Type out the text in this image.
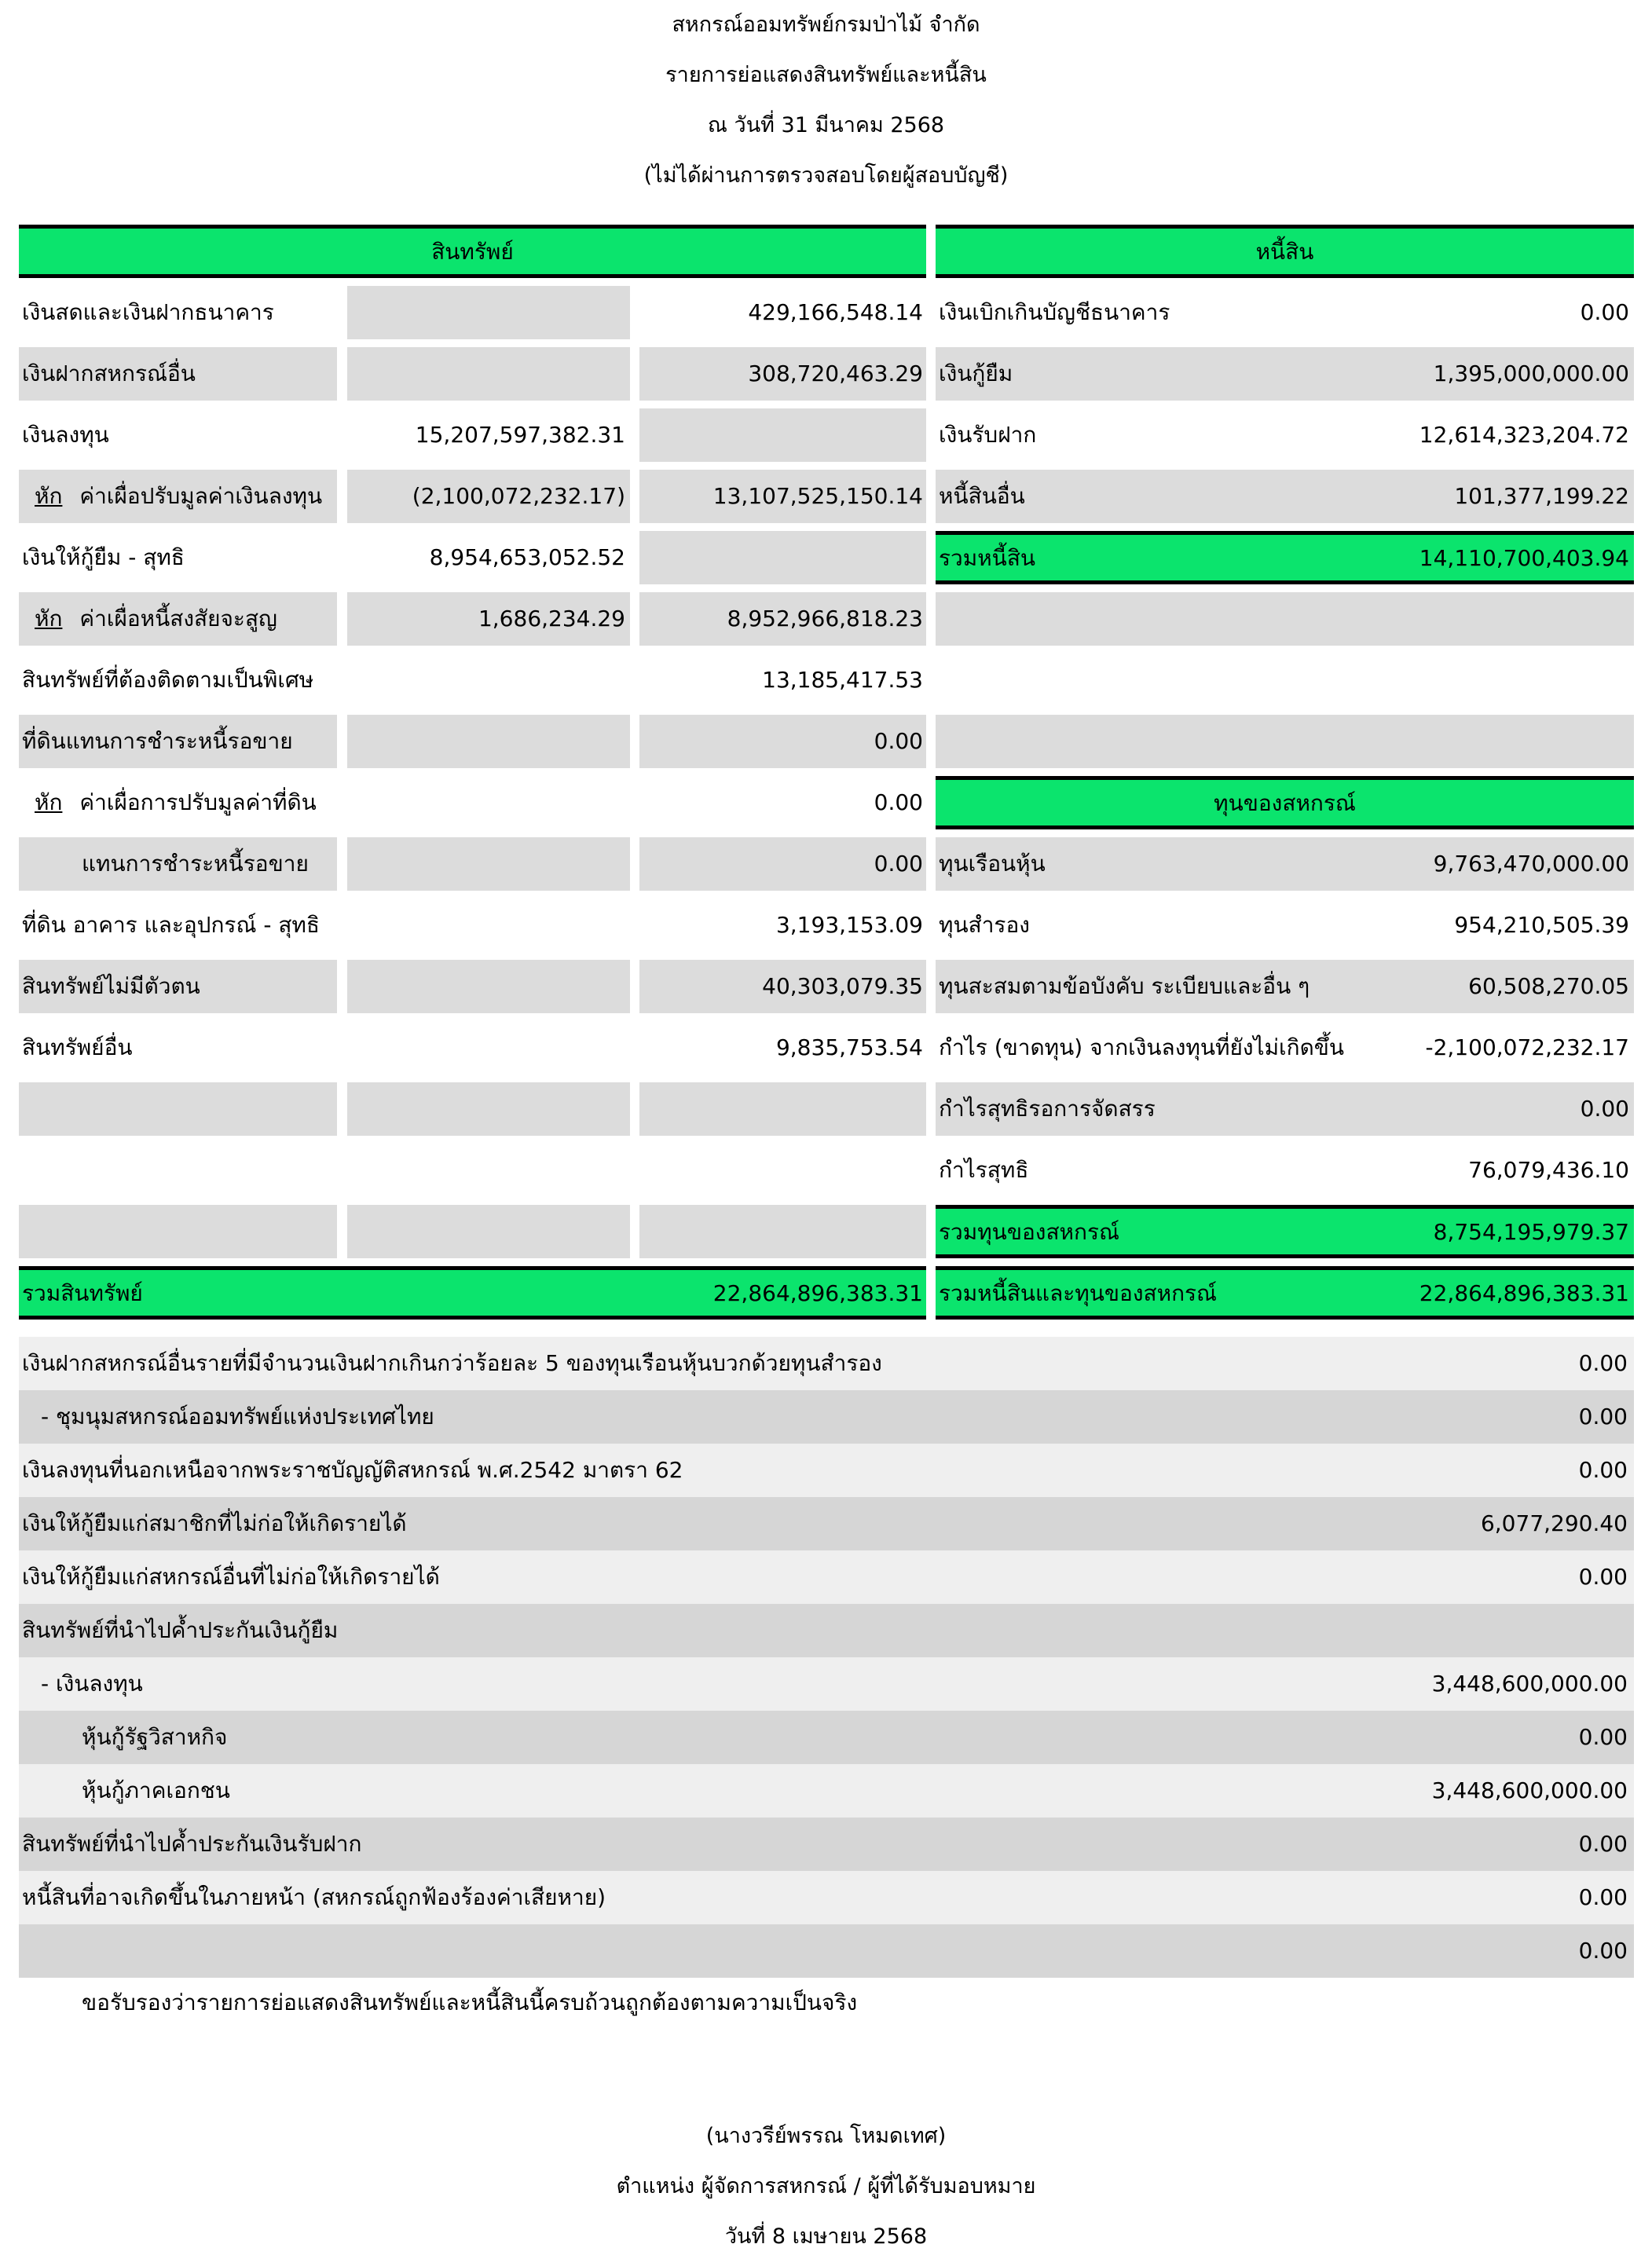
สหกรณ์ออมทรัพย์กรมป่าไม้ จำกัด
รายการย่อแสดงสินทรัพย์และหนี้สิน
ณ วันที่ 31 มีนาคม 2568
(ไม่ได้ผ่านการตรวจสอบโดยผู้สอบบัญชี)
สินทรัพย์	หนี้สิน
เงินสดและเงินฝากธนาคาร	429,166,548.14 เงินเบิกเกินบัญชีธนาคาร	0.00
เงินฝากสหกรณ์อื่น	308,720,463.29 เงินกู้ยืม	1,395,000,000.00
เงินลงทุน	15,207,597,382.31	เงินรับฝาก	12,614,323,204.72
หัก ค่าเผื่อปรับมูลค่าเงินลงทุน	(2,100,072,232.17)	13,107,525,150.14 หนี้สินอื่น	101,377,199.22
เงินให้กู้ยืม - สุทธิ	8,954,653,052.52	รวมหนี้สิน	14,110,700,403.94
หัก ค่าเผื่อหนี้สงสัยจะสูญ	1,686,234.29	8,952,966,818.23
สินทรัพย์ที่ต้องติดตามเป็นพิเศษ	13,185,417.53
ที่ดินแทนการชำระหนี้รอขาย	0.00
หัก ค่าเผื่อการปรับมูลค่าที่ดิน	0.00	ทุนของสหกรณ์
แทนการชำระหนี้รอขาย	0.00 ทุนเรือนหุ้น	9,763,470,000.00
ที่ดิน อาคาร และอุปกรณ์ - สุทธิ	3,193,153.09 ทุนสำรอง	954,210,505.39
สินทรัพย์ไม่มีตัวตน	40,303,079.35 ทุนสะสมตามข้อบังคับ ระเบียบและอื่น ๆ	60,508,270.05
สินทรัพย์อื่น	9,835,753.54 กำไร (ขาดทุน) จากเงินลงทุนที่ยังไม่เกิดขึ้น	-2,100,072,232.17
กำไรสุทธิรอการจัดสรร	0.00
กำไรสุทธิ	76,079,436.10
รวมทุนของสหกรณ์	8,754,195,979.37
รวมสินทรัพย์	22,864,896,383.31 รวมหนี้สินและทุนของสหกรณ์	22,864,896,383.31
เงินฝากสหกรณ์อื่นรายที่มีจำนวนเงินฝากเกินกว่าร้อยละ 5 ของทุนเรือนหุ้นบวกด้วยทุนสำรอง	0.00
- ชุมนุมสหกรณ์ออมทรัพย์แห่งประเทศไทย	0.00
เงินลงทุนที่นอกเหนือจากพระราชบัญญัติสหกรณ์ พ.ศ.2542 มาตรา 62	0.00
เงินให้กู้ยืมแก่สมาชิกที่ไม่ก่อให้เกิดรายได้	6,077,290.40
เงินให้กู้ยืมแก่สหกรณ์อื่นที่ไม่ก่อให้เกิดรายได้	0.00
สินทรัพย์ที่นำไปค้ำประกันเงินกู้ยืม
- เงินลงทุน	3,448,600,000.00
หุ้นกู้รัฐวิสาหกิจ	0.00
หุ้นกู้ภาคเอกชน	3,448,600,000.00
สินทรัพย์ที่นำไปค้ำประกันเงินรับฝาก	0.00
หนี้สินที่อาจเกิดขึ้นในภายหน้า (สหกรณ์ถูกฟ้องร้องค่าเสียหาย)	0.00
0.00
ขอรับรองว่ารายการย่อแสดงสินทรัพย์และหนี้สินนี้ครบถ้วนถูกต้องตามความเป็นจริง
(นางวรีย์พรรณ โหมดเทศ)
ตำแหน่ง ผู้จัดการสหกรณ์ / ผู้ที่ได้รับมอบหมาย
วันที่ 8 เมษายน 2568
